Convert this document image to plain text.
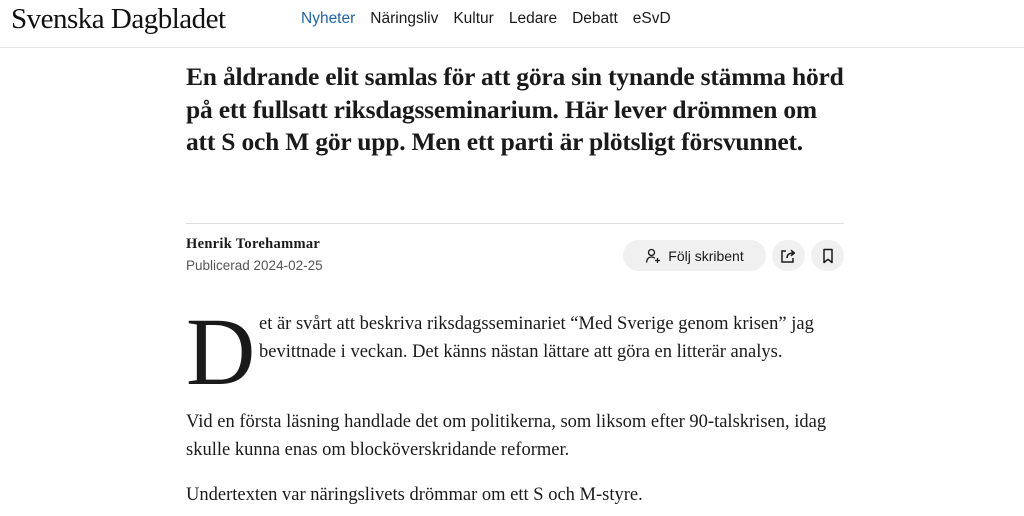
Svenska Dagbladet	Nyheter Näringsliv Kultur Ledare Debatt eSvD
En åldrande elit samlas för att göra sin tynande stämma hörd på ett fullsatt riksdagsseminarium. Här lever drömmen om att S och M gör upp. Men ett parti är plötsligt försvunnet.
Henrik Torehammar
Publicerad 2024-02-25
Följ skribent
D et är svårt att beskriva riksdagsseminariet “Med Sverige genom krisen” jag bevittnade i veckan. Det känns nästan lättare att göra en litterär analys.

Vid en första läsning handlade det om politikerna, som liksom efter 90-talskrisen, idag skulle kunna enas om blocköverskridande reformer.

Undertexten var näringslivets drömmar om ett S och M-styre.
